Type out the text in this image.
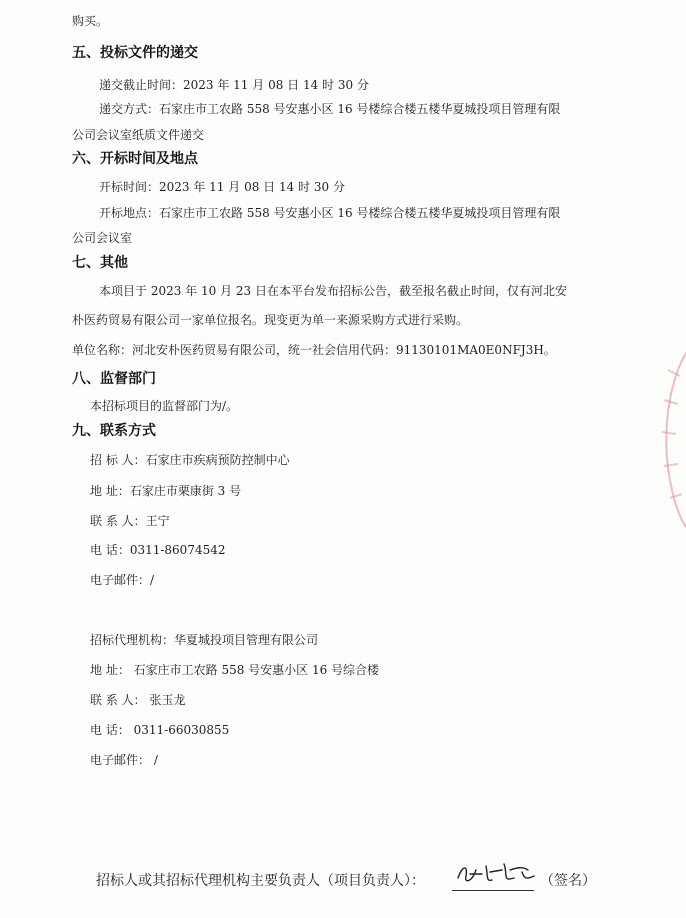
购买。
五、投标文件的递交
递交截止时间：2023 年 11 月 08 日 14 时 30 分
递交方式：石家庄市工农路 558 号安惠小区 16 号楼综合楼五楼华夏城投项目管理有限
公司会议室纸质文件递交
六、开标时间及地点
开标时间：2023 年 11 月 08 日 14 时 30 分
开标地点：石家庄市工农路 558 号安惠小区 16 号楼综合楼五楼华夏城投项目管理有限
公司会议室
七、其他
本项目于 2023 年 10 月 23 日在本平台发布招标公告，截至报名截止时间，仅有河北安
朴医药贸易有限公司一家单位报名。现变更为单一来源采购方式进行采购。
单位名称：河北安朴医药贸易有限公司，统一社会信用代码：91130101MA0E0NFJ3H。
八、监督部门
本招标项目的监督部门为/。
九、联系方式
招 标 人：石家庄市疾病预防控制中心
地 址：石家庄市栗康街 3 号
联 系 人：王宁
电 话：0311-86074542
电子邮件：/
招标代理机构：华夏城投项目管理有限公司
地 址： 石家庄市工农路 558 号安惠小区 16 号综合楼
联 系 人： 张玉龙
电 话： 0311-66030855
电子邮件： /
招标人或其招标代理机构主要负责人（项目负责人）：	（签名）
